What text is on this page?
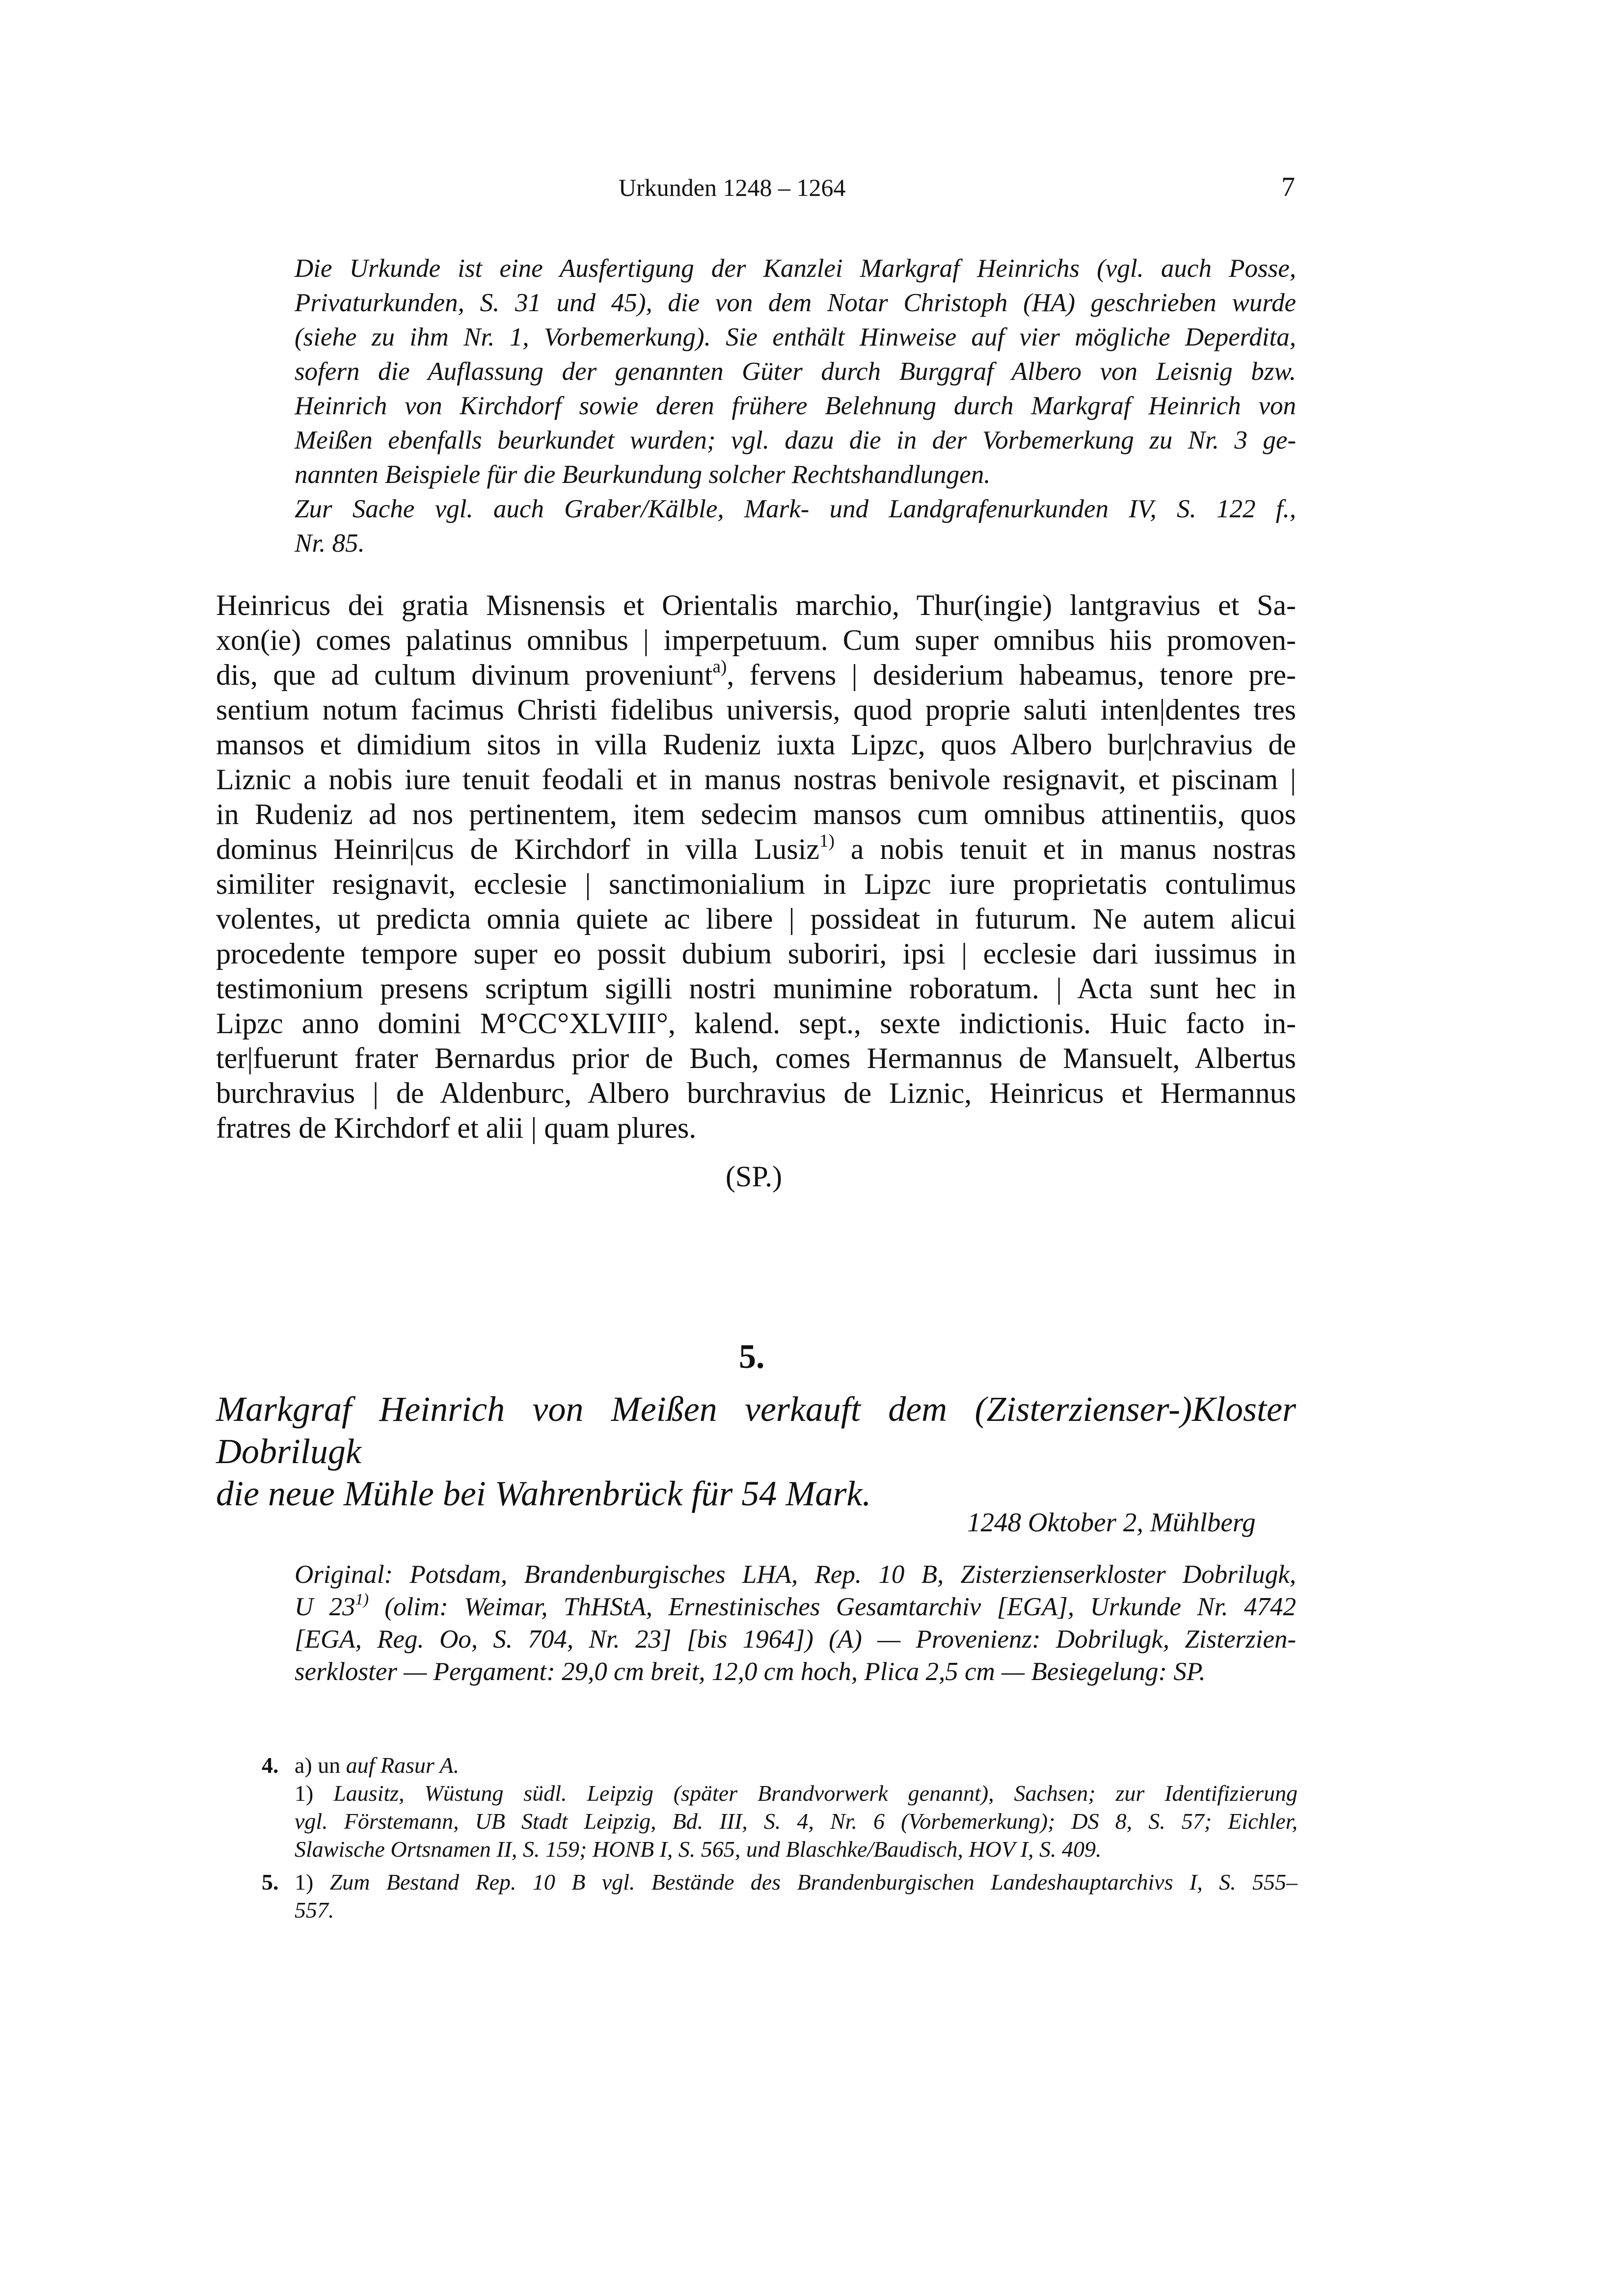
Urkunden 1248 – 1264	7
Die Urkunde ist eine Ausfertigung der Kanzlei Markgraf Heinrichs (vgl. auch Posse,
Privaturkunden, S. 31 und 45), die von dem Notar Christoph (HA) geschrieben wurde
(siehe zu ihm Nr. 1, Vorbemerkung). Sie enthält Hinweise auf vier mögliche Deperdita,
sofern die Auflassung der genannten Güter durch Burggraf Albero von Leisnig bzw.
Heinrich von Kirchdorf sowie deren frühere Belehnung durch Markgraf Heinrich von
Meißen ebenfalls beurkundet wurden; vgl. dazu die in der Vorbemerkung zu Nr. 3 ge-
nannten Beispiele für die Beurkundung solcher Rechtshandlungen.
Zur Sache vgl. auch Graber/Kälble, Mark- und Landgrafenurkunden IV, S. 122 f.,
Nr. 85.
Heinricus dei gratia Misnensis et Orientalis marchio, Thur(ingie) lantgravius et Sa-
xon(ie) comes palatinus omnibus | imperpetuum. Cum super omnibus hiis promoven-
dis, que ad cultum divinum proveniunt$^{a)}$, fervens | desiderium habeamus, tenore pre-
sentium notum facimus Christi fidelibus universis, quod proprie saluti inten|dentes tres
mansos et dimidium sitos in villa Rudeniz iuxta Lipzc, quos Albero bur|chravius de
Liznic a nobis iure tenuit feodali et in manus nostras benivole resignavit, et piscinam |
in Rudeniz ad nos pertinentem, item sedecim mansos cum omnibus attinentiis, quos
dominus Heinri|cus de Kirchdorf in villa Lusiz$^{1)}$ a nobis tenuit et in manus nostras
similiter resignavit, ecclesie | sanctimonialium in Lipzc iure proprietatis contulimus
volentes, ut predicta omnia quiete ac libere | possideat in futurum. Ne autem alicui
procedente tempore super eo possit dubium suboriri, ipsi | ecclesie dari iussimus in
testimonium presens scriptum sigilli nostri munimine roboratum. | Acta sunt hec in
Lipzc anno domini M°CC°XLVIII°, kalend. sept., sexte indictionis. Huic facto in-
ter|fuerunt frater Bernardus prior de Buch, comes Hermannus de Mansuelt, Albertus
burchravius | de Aldenburc, Albero burchravius de Liznic, Heinricus et Hermannus
fratres de Kirchdorf et alii | quam plures.
(SP.)
5.
Markgraf Heinrich von Meißen verkauft dem (Zisterzienser-)Kloster Dobrilugk
die neue Mühle bei Wahrenbrück für 54 Mark.
1248 Oktober 2, Mühlberg
Original: Potsdam, Brandenburgisches LHA, Rep. 10 B, Zisterzienserkloster Dobrilugk,
U 23$^{1)}$ (olim: Weimar, ThHStA, Ernestinisches Gesamtarchiv [EGA], Urkunde Nr. 4742
[EGA, Reg. Oo, S. 704, Nr. 23] [bis 1964]) (A) — Provenienz: Dobrilugk, Zisterzien-
serkloster — Pergament: 29,0 cm breit, 12,0 cm hoch, Plica 2,5 cm — Besiegelung: SP.
4. a) un auf Rasur A.
1) Lausitz, Wüstung südl. Leipzig (später Brandvorwerk genannt), Sachsen; zur Identifizierung
vgl. Förstemann, UB Stadt Leipzig, Bd. III, S. 4, Nr. 6 (Vorbemerkung); DS 8, S. 57; Eichler,
Slawische Ortsnamen II, S. 159; HONB I, S. 565, und Blaschke/Baudisch, HOV I, S. 409.
5. 1) Zum Bestand Rep. 10 B vgl. Bestände des Brandenburgischen Landeshauptarchivs I, S. 555–
557.
